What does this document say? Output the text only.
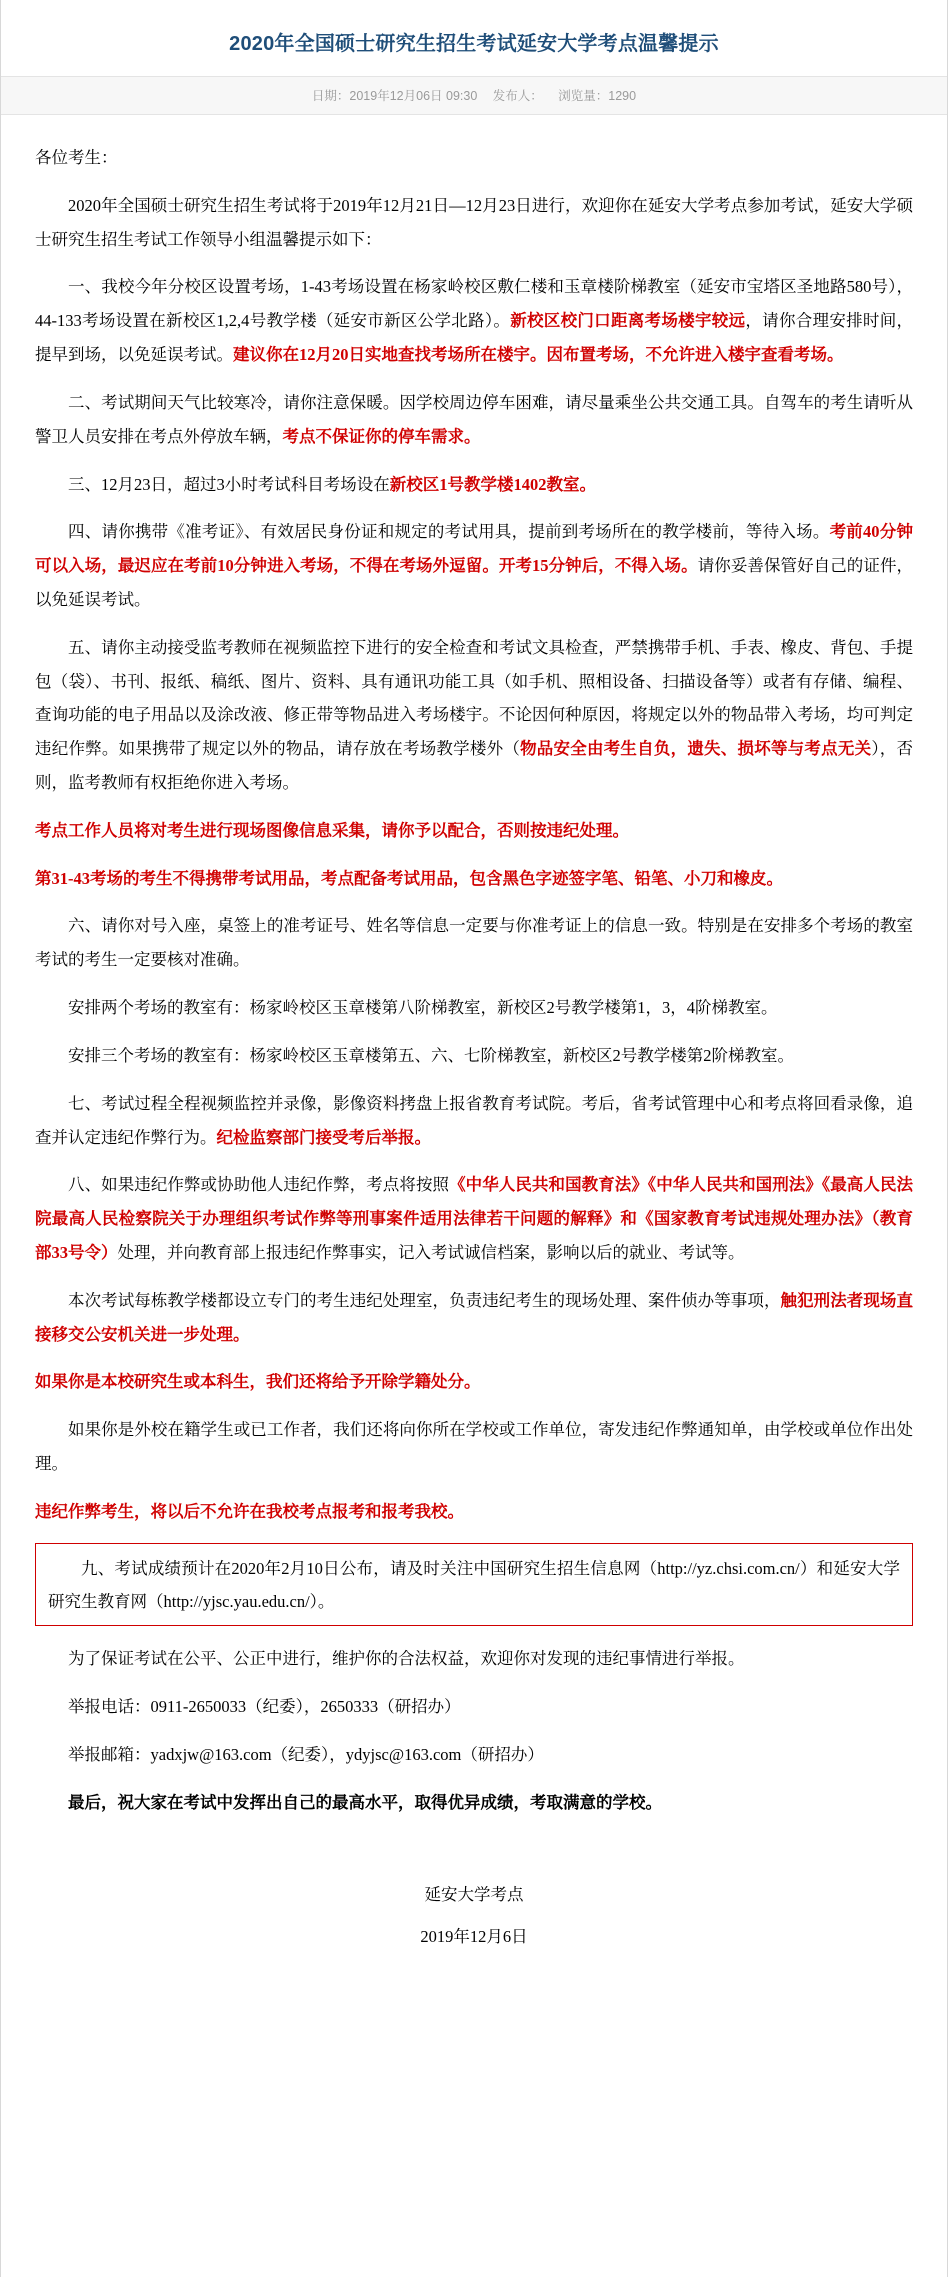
2020年全国硕士研究生招生考试延安大学考点温馨提示
日期：2019年12月06日 09:30 发布人： 浏览量：1290

各位考生：

2020年全国硕士研究生招生考试将于2019年12月21日—12月23日进行，欢迎你在延安大学考点参加考试，延安大学硕士研究生招生考试工作领导小组温馨提示如下：

一、我校今年分校区设置考场，1-43考场设置在杨家岭校区敷仁楼和玉章楼阶梯教室（延安市宝塔区圣地路580号），44-133考场设置在新校区1,2,4号教学楼（延安市新区公学北路）。新校区校门口距离考场楼宇较远，请你合理安排时间，提早到场，以免延误考试。建议你在12月20日实地查找考场所在楼宇。因布置考场，不允许进入楼宇查看考场。

二、考试期间天气比较寒冷，请你注意保暖。因学校周边停车困难，请尽量乘坐公共交通工具。自驾车的考生请听从警卫人员安排在考点外停放车辆，考点不保证你的停车需求。

三、12月23日，超过3小时考试科目考场设在新校区1号教学楼1402教室。

四、请你携带《准考证》、有效居民身份证和规定的考试用具，提前到考场所在的教学楼前，等待入场。考前40分钟可以入场，最迟应在考前10分钟进入考场，不得在考场外逗留。开考15分钟后，不得入场。请你妥善保管好自己的证件，以免延误考试。

五、请你主动接受监考教师在视频监控下进行的安全检查和考试文具检查，严禁携带手机、手表、橡皮、背包、手提包（袋）、书刊、报纸、稿纸、图片、资料、具有通讯功能工具（如手机、照相设备、扫描设备等）或者有存储、编程、查询功能的电子用品以及涂改液、修正带等物品进入考场楼宇。不论因何种原因，将规定以外的物品带入考场，均可判定违纪作弊。如果携带了规定以外的物品，请存放在考场教学楼外（物品安全由考生自负，遗失、损坏等与考点无关），否则，监考教师有权拒绝你进入考场。

考点工作人员将对考生进行现场图像信息采集，请你予以配合，否则按违纪处理。

第31-43考场的考生不得携带考试用品，考点配备考试用品，包含黑色字迹签字笔、铅笔、小刀和橡皮。

六、请你对号入座，桌签上的准考证号、姓名等信息一定要与你准考证上的信息一致。特别是在安排多个考场的教室考试的考生一定要核对准确。

安排两个考场的教室有：杨家岭校区玉章楼第八阶梯教室，新校区2号教学楼第1，3，4阶梯教室。

安排三个考场的教室有：杨家岭校区玉章楼第五、六、七阶梯教室，新校区2号教学楼第2阶梯教室。

七、考试过程全程视频监控并录像，影像资料拷盘上报省教育考试院。考后，省考试管理中心和考点将回看录像，追查并认定违纪作弊行为。纪检监察部门接受考后举报。

八、如果违纪作弊或协助他人违纪作弊，考点将按照《中华人民共和国教育法》《中华人民共和国刑法》《最高人民法院最高人民检察院关于办理组织考试作弊等刑事案件适用法律若干问题的解释》和《国家教育考试违规处理办法》（教育部33号令）处理，并向教育部上报违纪作弊事实，记入考试诚信档案，影响以后的就业、考试等。

本次考试每栋教学楼都设立专门的考生违纪处理室，负责违纪考生的现场处理、案件侦办等事项，触犯刑法者现场直接移交公安机关进一步处理。

如果你是本校研究生或本科生，我们还将给予开除学籍处分。

如果你是外校在籍学生或已工作者，我们还将向你所在学校或工作单位，寄发违纪作弊通知单，由学校或单位作出处理。

违纪作弊考生，将以后不允许在我校考点报考和报考我校。

九、考试成绩预计在2020年2月10日公布，请及时关注中国研究生招生信息网（http://yz.chsi.com.cn/）和延安大学研究生教育网（http://yjsc.yau.edu.cn/）。

为了保证考试在公平、公正中进行，维护你的合法权益，欢迎你对发现的违纪事情进行举报。

举报电话：0911-2650033（纪委），2650333（研招办）

举报邮箱：yadxjw@163.com（纪委），ydyjsc@163.com（研招办）

最后，祝大家在考试中发挥出自己的最高水平，取得优异成绩，考取满意的学校。

延安大学考点
2019年12月6日
